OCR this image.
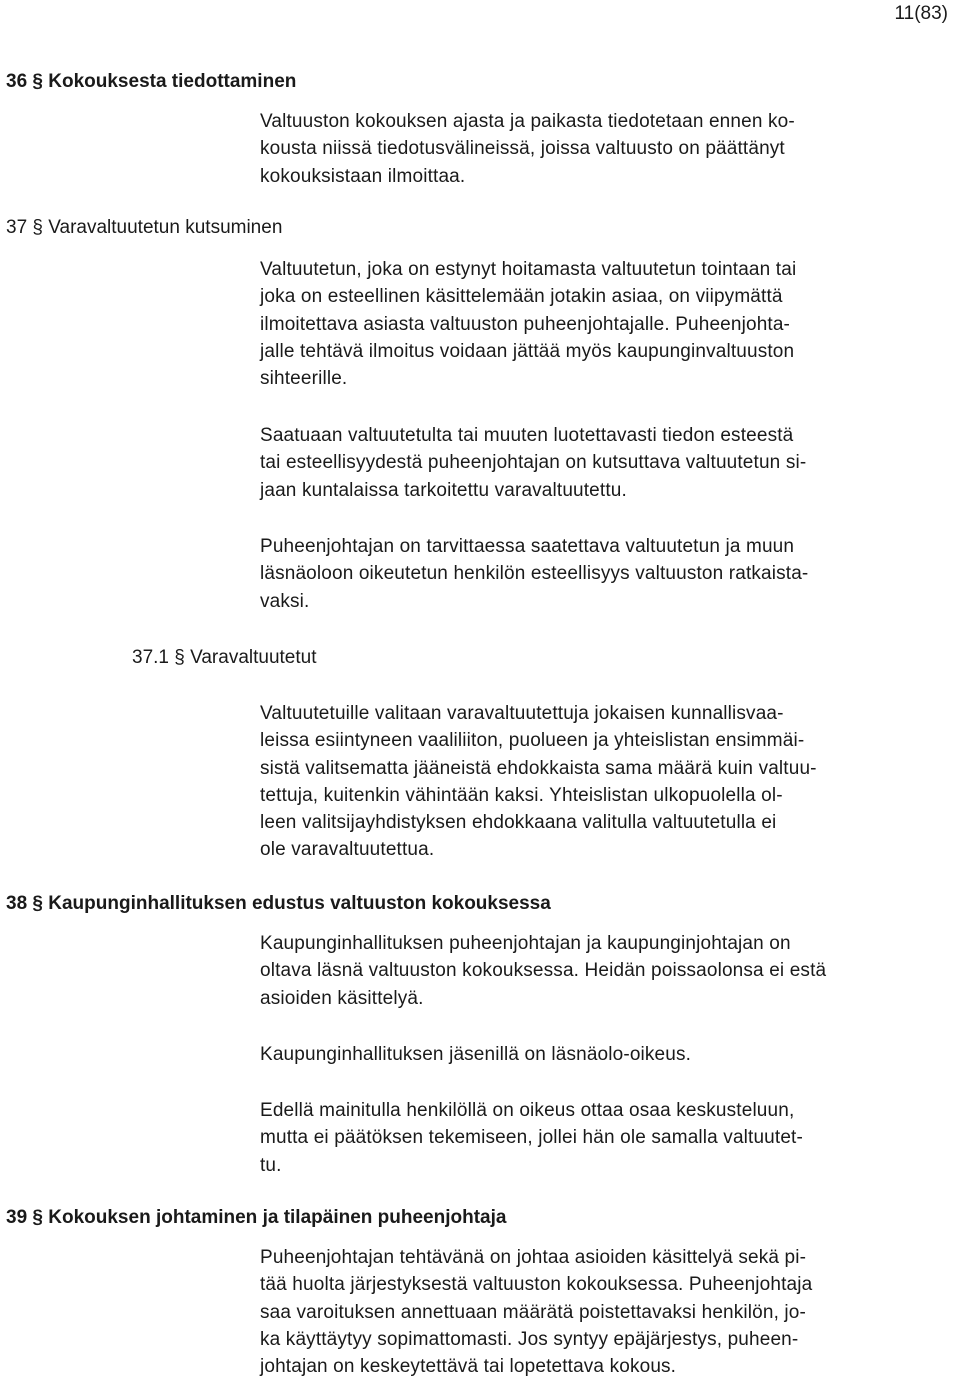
11(83)
36 § Kokouksesta tiedottaminen

Valtuuston kokouksen ajasta ja paikasta tiedotetaan ennen ko-
kousta niissä tiedotusvälineissä, joissa valtuusto on päättänyt
kokouksistaan ilmoittaa.

37 § Varavaltuutetun kutsuminen

Valtuutetun, joka on estynyt hoitamasta valtuutetun tointaan tai
joka on esteellinen käsittelemään jotakin asiaa, on viipymättä
ilmoitettava asiasta valtuuston puheenjohtajalle. Puheenjohta-
jalle tehtävä ilmoitus voidaan jättää myös kaupunginvaltuuston
sihteerille.

Saatuaan valtuutetulta tai muuten luotettavasti tiedon esteestä
tai esteellisyydestä puheenjohtajan on kutsuttava valtuutetun si-
jaan kuntalaissa tarkoitettu varavaltuutettu.

Puheenjohtajan on tarvittaessa saatettava valtuutetun ja muun
läsnäoloon oikeutetun henkilön esteellisyys valtuuston ratkaista-
vaksi.

37.1 § Varavaltuutetut

Valtuutetuille valitaan varavaltuutettuja jokaisen kunnallisvaa-
leissa esiintyneen vaaliliiton, puolueen ja yhteislistan ensimmäi-
sistä valitsematta jääneistä ehdokkaista sama määrä kuin valtuu-
tettuja, kuitenkin vähintään kaksi. Yhteislistan ulkopuolella ol-
leen valitsijayhdistyksen ehdokkaana valitulla valtuutetulla ei
ole varavaltuutettua.

38 § Kaupunginhallituksen edustus valtuuston kokouksessa

Kaupunginhallituksen puheenjohtajan ja kaupunginjohtajan on
oltava läsnä valtuuston kokouksessa. Heidän poissaolonsa ei estä
asioiden käsittelyä.

Kaupunginhallituksen jäsenillä on läsnäolo-oikeus.

Edellä mainitulla henkilöllä on oikeus ottaa osaa keskusteluun,
mutta ei päätöksen tekemiseen, jollei hän ole samalla valtuutet-
tu.

39 § Kokouksen johtaminen ja tilapäinen puheenjohtaja

Puheenjohtajan tehtävänä on johtaa asioiden käsittelyä sekä pi-
tää huolta järjestyksestä valtuuston kokouksessa. Puheenjohtaja
saa varoituksen annettuaan määrätä poistettavaksi henkilön, jo-
ka käyttäytyy sopimattomasti. Jos syntyy epäjärjestys, puheen-
johtajan on keskeytettävä tai lopetettava kokous.
